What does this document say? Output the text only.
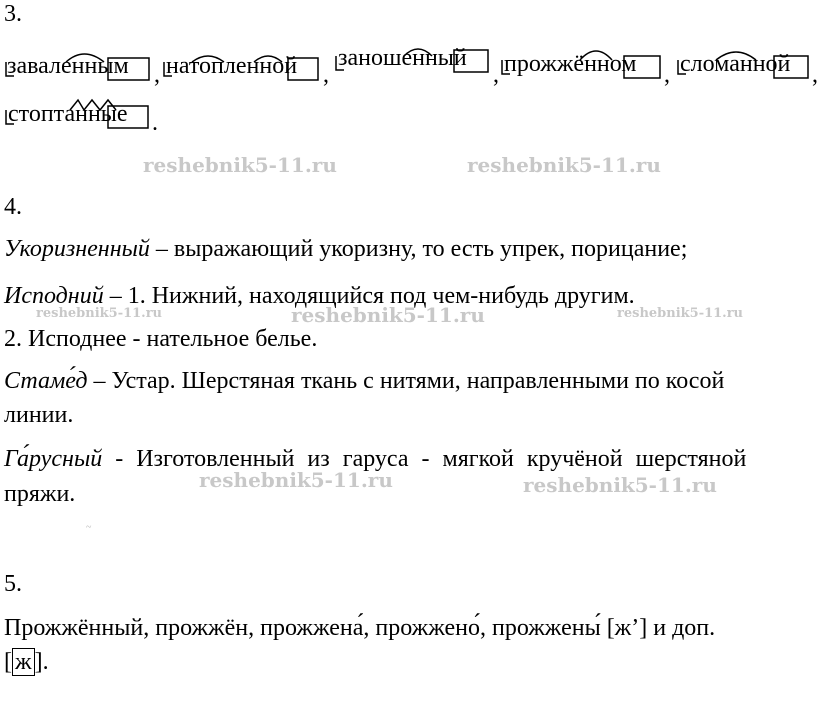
3.
заваленным , натопленной ,
заношенный
, прожжённом , сломанной ,
стоптанные .
reshebnik5-11.ru	reshebnik5-11.ru
4.
Укоризненный – выражающий укоризну, то есть упрек, порицание;
Исподний – 1. Нижний, находящийся под чем-нибудь другим.
reshebnik5-11.ru	reshebnik5-11.ru	reshebnik5-11.ru
2. Исподнее - нательное белье.
Стаме́д – Устар. Шерстяная ткань с нитями, направленными по косой
линии.
Га́русный - Изготовленный из гаруса - мягкой кручёной шерстяной
пряжи.
reshebnik5-11.ru	reshebnik5-11.ru
~
5.
Прожжённый, прожжён, прожжена́, прожжено́, прожжены́ [ж’] и доп.
[ ж ].
